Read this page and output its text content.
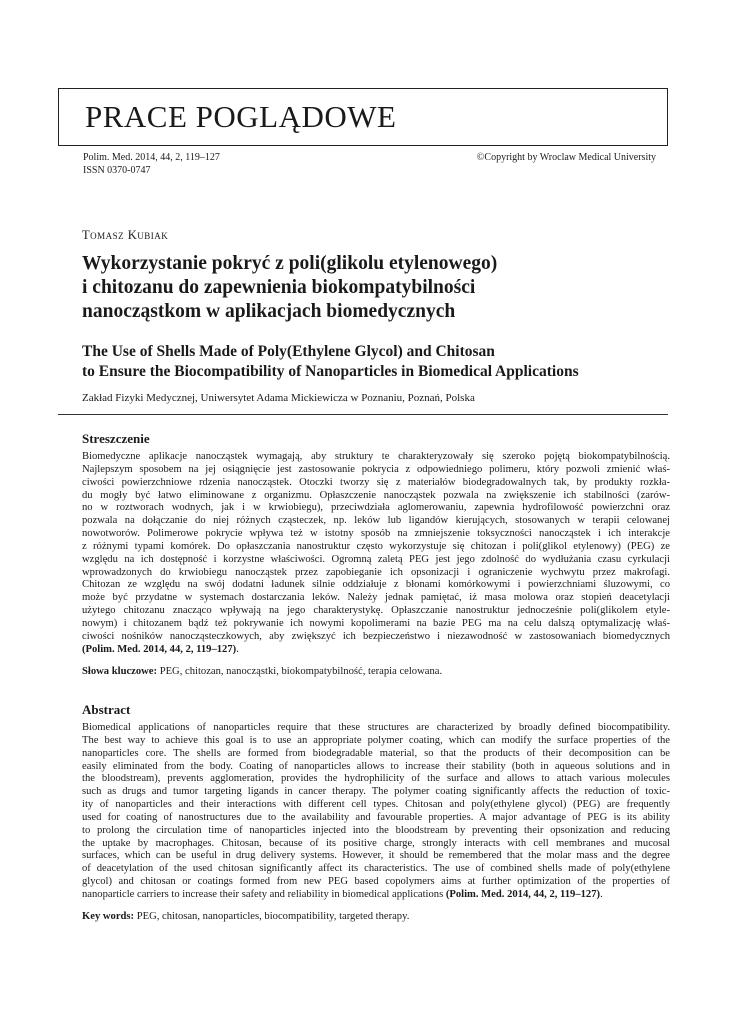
PRACE POGLĄDOWE
Polim. Med. 2014, 44, 2, 119–127
ISSN 0370-0747
©Copyright by Wroclaw Medical University
Tomasz Kubiak
Wykorzystanie pokryć z poli(glikolu etylenowego)
i chitozanu do zapewnienia biokompatybilności
nanocząstkom w aplikacjach biomedycznych
The Use of Shells Made of Poly(Ethylene Glycol) and Chitosan
to Ensure the Biocompatibility of Nanoparticles in Biomedical Applications
Zakład Fizyki Medycznej, Uniwersytet Adama Mickiewicza w Poznaniu, Poznań, Polska
Streszczenie
Biomedyczne aplikacje nanocząstek wymagają, aby struktury te charakteryzowały się szeroko pojętą biokompatybilnością.
Najlepszym sposobem na jej osiągnięcie jest zastosowanie pokrycia z odpowiedniego polimeru, który pozwoli zmienić właś-
ciwości powierzchniowe rdzenia nanocząstek. Otoczki tworzy się z materiałów biodegradowalnych tak, by produkty rozkła-
du mogły być łatwo eliminowane z organizmu. Opłaszczenie nanocząstek pozwala na zwiększenie ich stabilności (zarów-
no w roztworach wodnych, jak i w krwiobiegu), przeciwdziała aglomerowaniu, zapewnia hydrofilowość powierzchni oraz
pozwala na dołączanie do niej różnych cząsteczek, np. leków lub ligandów kierujących, stosowanych w terapii celowanej
nowotworów. Polimerowe pokrycie wpływa też w istotny sposób na zmniejszenie toksyczności nanocząstek i ich interakcje
z różnymi typami komórek. Do opłaszczania nanostruktur często wykorzystuje się chitozan i poli(glikol etylenowy) (PEG) ze
względu na ich dostępność i korzystne właściwości. Ogromną zaletą PEG jest jego zdolność do wydłużania czasu cyrkulacji
wprowadzonych do krwiobiegu nanocząstek przez zapobieganie ich opsonizacji i ograniczenie wychwytu przez makrofagi.
Chitozan ze względu na swój dodatni ładunek silnie oddziałuje z błonami komórkowymi i powierzchniami śluzowymi, co
może być przydatne w systemach dostarczania leków. Należy jednak pamiętać, iż masa molowa oraz stopień deacetylacji
użytego chitozanu znacząco wpływają na jego charakterystykę. Opłaszczanie nanostruktur jednocześnie poli(glikolem etyle-
nowym) i chitozanem bądź też pokrywanie ich nowymi kopolimerami na bazie PEG ma na celu dalszą optymalizację właś-
ciwości nośników nanocząsteczkowych, aby zwiększyć ich bezpieczeństwo i niezawodność w zastosowaniach biomedycznych
(Polim. Med. 2014, 44, 2, 119–127).
Słowa kluczowe: PEG, chitozan, nanocząstki, biokompatybilność, terapia celowana.
Abstract
Biomedical applications of nanoparticles require that these structures are characterized by broadly defined biocompatibility.
The best way to achieve this goal is to use an appropriate polymer coating, which can modify the surface properties of the
nanoparticles core. The shells are formed from biodegradable material, so that the products of their decomposition can be
easily eliminated from the body. Coating of nanoparticles allows to increase their stability (both in aqueous solutions and in
the bloodstream), prevents agglomeration, provides the hydrophilicity of the surface and allows to attach various molecules
such as drugs and tumor targeting ligands in cancer therapy. The polymer coating significantly affects the reduction of toxic-
ity of nanoparticles and their interactions with different cell types. Chitosan and poly(ethylene glycol) (PEG) are frequently
used for coating of nanostructures due to the availability and favourable properties. A major advantage of PEG is its ability
to prolong the circulation time of nanoparticles injected into the bloodstream by preventing their opsonization and reducing
the uptake by macrophages. Chitosan, because of its positive charge, strongly interacts with cell membranes and mucosal
surfaces, which can be useful in drug delivery systems. However, it should be remembered that the molar mass and the degree
of deacetylation of the used chitosan significantly affect its characteristics. The use of combined shells made of poly(ethylene
glycol) and chitosan or coatings formed from new PEG based copolymers aims at further optimization of the properties of
nanoparticle carriers to increase their safety and reliability in biomedical applications (Polim. Med. 2014, 44, 2, 119–127).
Key words: PEG, chitosan, nanoparticles, biocompatibility, targeted therapy.
